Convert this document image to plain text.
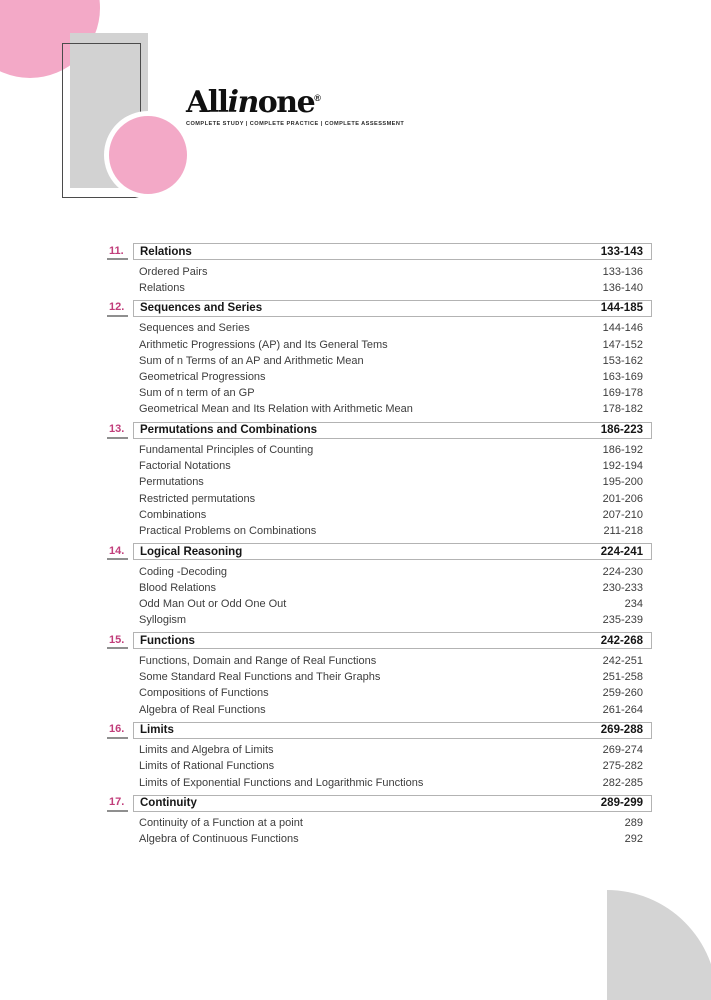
Allinone®
COMPLETE STUDY | COMPLETE PRACTICE | COMPLETE ASSESSMENT
11.	Relations	133-143
Ordered Pairs	133-136
Relations	136-140
12.	Sequences and Series	144-185
Sequences and Series	144-146
Arithmetic Progressions (AP) and Its General Tems	147-152
Sum of n Terms of an AP and Arithmetic Mean	153-162
Geometrical Progressions	163-169
Sum of n term of an GP	169-178
Geometrical Mean and Its Relation with Arithmetic Mean	178-182
13.	Permutations and Combinations	186-223
Fundamental Principles of Counting	186-192
Factorial Notations	192-194
Permutations	195-200
Restricted permutations	201-206
Combinations	207-210
Practical Problems on Combinations	211-218
14.	Logical Reasoning	224-241
Coding -Decoding	224-230
Blood Relations	230-233
Odd Man Out or Odd One Out	234
Syllogism	235-239
15.	Functions	242-268
Functions, Domain and Range of Real Functions	242-251
Some Standard Real Functions and Their Graphs	251-258
Compositions of Functions	259-260
Algebra of Real Functions	261-264
16.	Limits	269-288
Limits and Algebra of Limits	269-274
Limits of Rational Functions	275-282
Limits of Exponential Functions and Logarithmic Functions	282-285
17.	Continuity	289-299
Continuity of a Function at a point	289
Algebra of Continuous Functions	292
